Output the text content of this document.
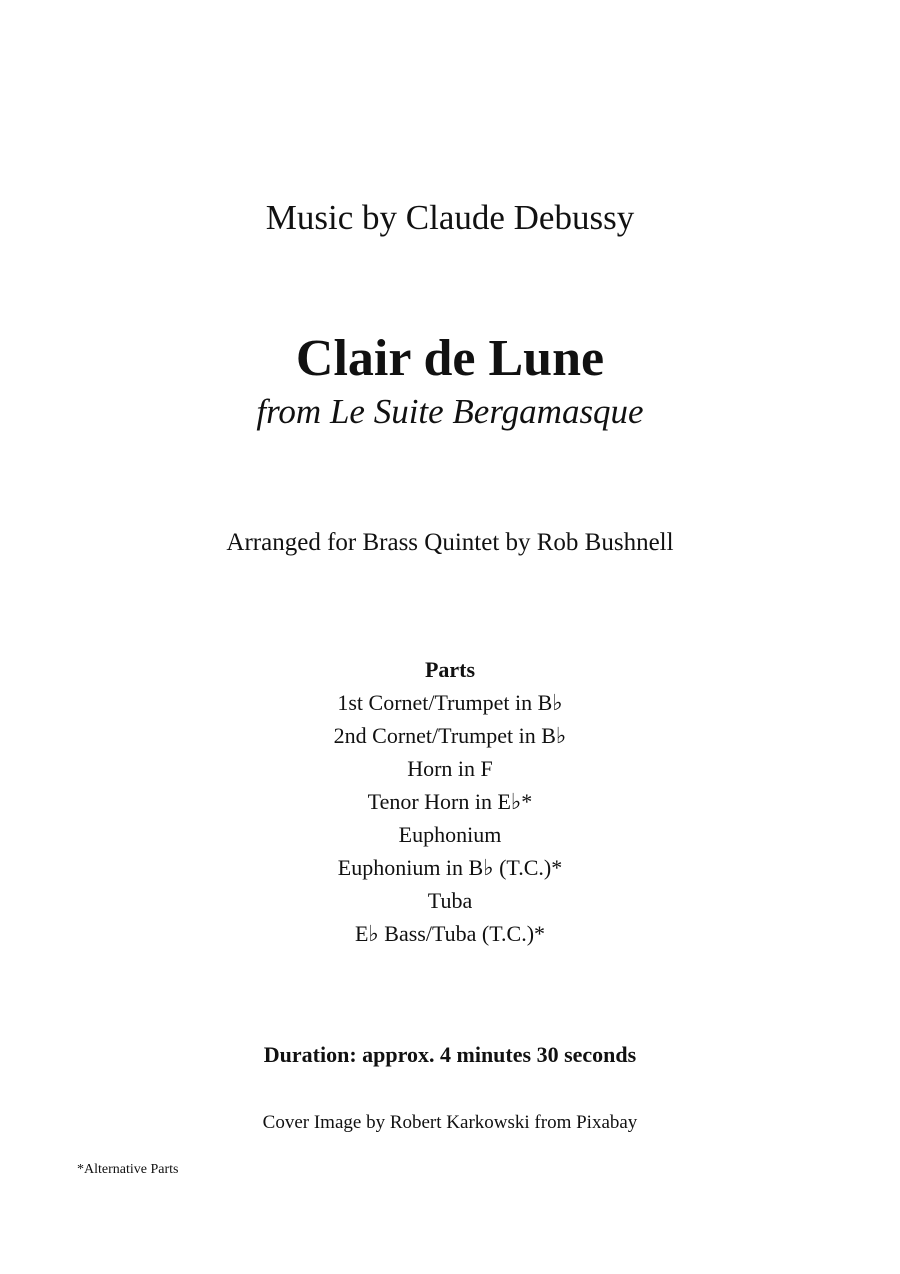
Music by Claude Debussy
Clair de Lune
from Le Suite Bergamasque
Arranged for Brass Quintet by Rob Bushnell
Parts
1st Cornet/Trumpet in B♭
2nd Cornet/Trumpet in B♭
Horn in F
Tenor Horn in E♭*
Euphonium
Euphonium in B♭ (T.C.)*
Tuba
E♭ Bass/Tuba (T.C.)*
Duration: approx. 4 minutes 30 seconds
Cover Image by Robert Karkowski from Pixabay
*Alternative Parts
